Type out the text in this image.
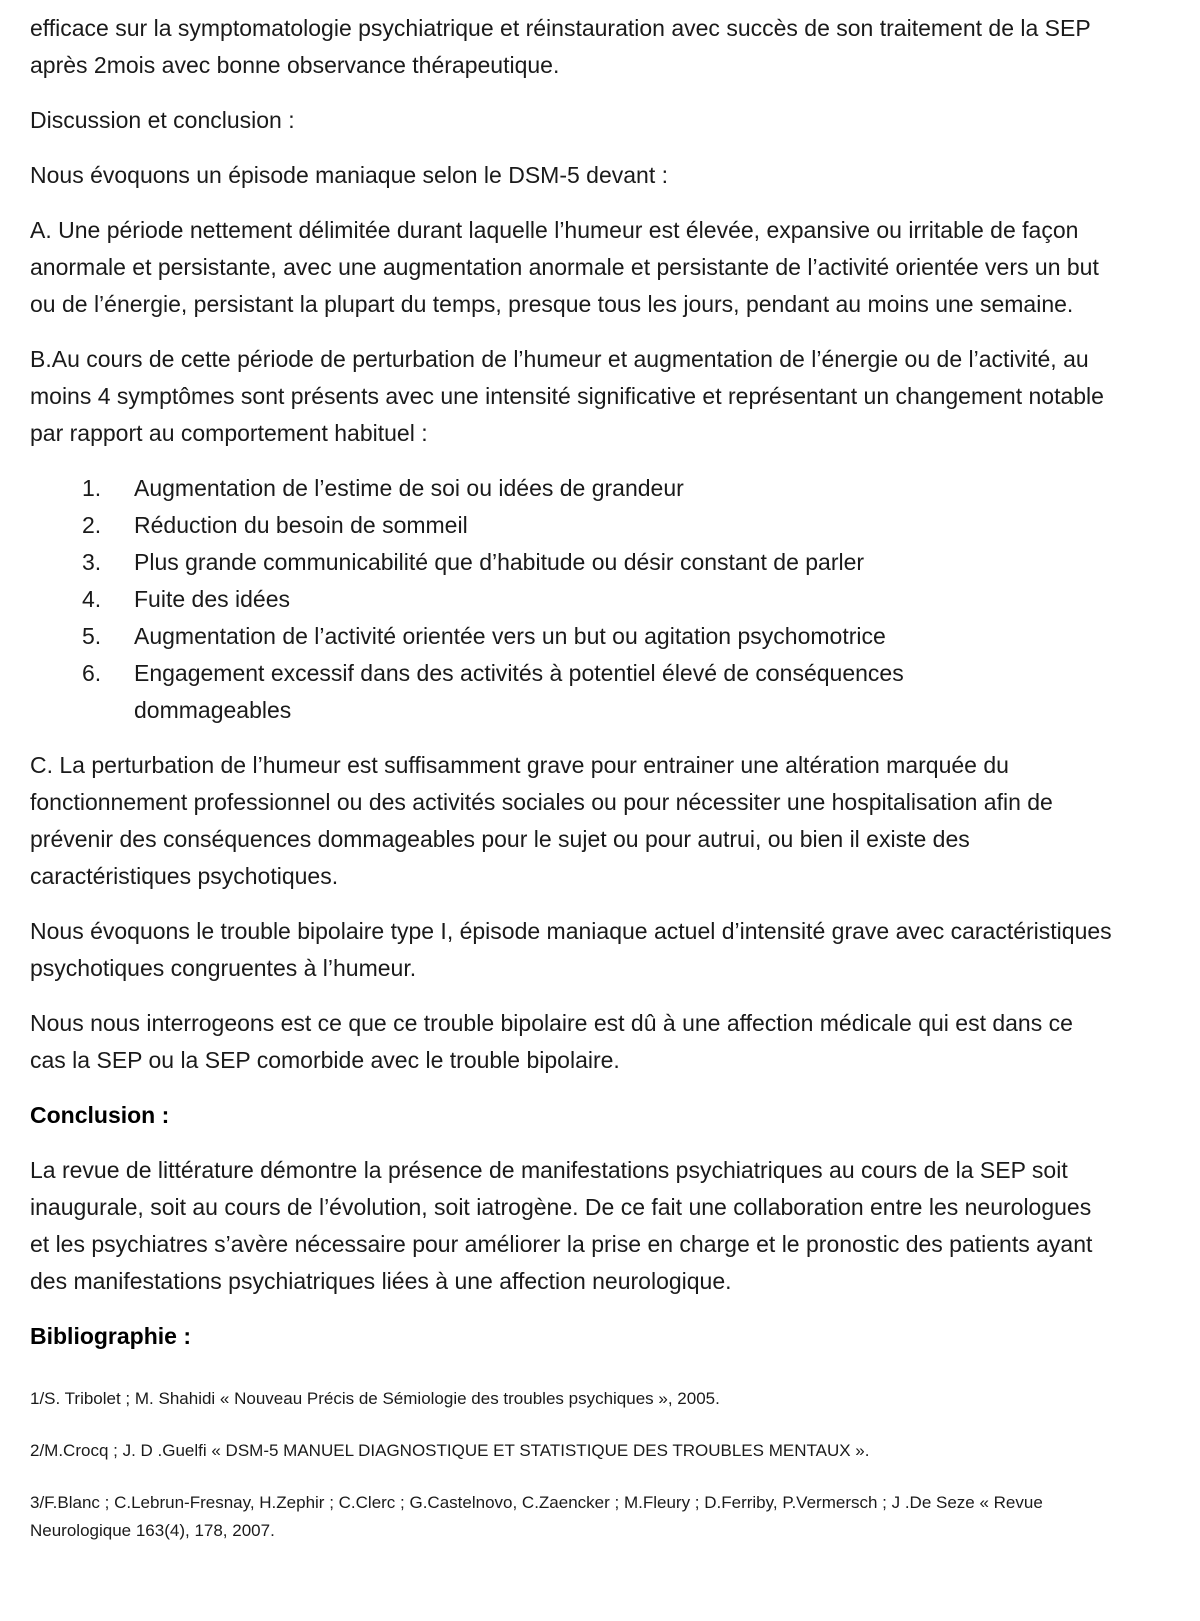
efficace sur la symptomatologie psychiatrique et réinstauration avec succès de son traitement de la SEP après 2mois avec bonne observance thérapeutique.

Discussion et conclusion :

Nous évoquons un épisode maniaque selon le DSM-5 devant :

A. Une période nettement délimitée durant laquelle l’humeur est élevée, expansive ou irritable de façon anormale et persistante, avec une augmentation anormale et persistante de l’activité orientée vers un but ou de l’énergie, persistant la plupart du temps, presque tous les jours, pendant au moins une semaine.

B.Au cours de cette période de perturbation de l’humeur et augmentation de l’énergie ou de l’activité, au moins 4 symptômes sont présents avec une intensité significative et représentant un changement notable par rapport au comportement habituel :

1.	Augmentation de l’estime de soi ou idées de grandeur
2.	Réduction du besoin de sommeil
3.	Plus grande communicabilité que d’habitude ou désir constant de parler
4.	Fuite des idées
5.	Augmentation de l’activité orientée vers un but ou agitation psychomotrice
6.	Engagement excessif dans des activités à potentiel élevé de conséquences dommageables

C. La perturbation de l’humeur est suffisamment grave pour entrainer une altération marquée du fonctionnement professionnel ou des activités sociales ou pour nécessiter une hospitalisation afin de prévenir des conséquences dommageables pour le sujet ou pour autrui, ou bien il existe des caractéristiques psychotiques.

Nous évoquons le trouble bipolaire type I, épisode maniaque actuel d’intensité grave avec caractéristiques psychotiques congruentes à l’humeur.

Nous nous interrogeons est ce que ce trouble bipolaire est dû à une affection médicale qui est dans ce cas la SEP ou la SEP comorbide avec le trouble bipolaire.

Conclusion :

La revue de littérature démontre la présence de manifestations psychiatriques au cours de la SEP soit inaugurale, soit au cours de l’évolution, soit iatrogène. De ce fait une collaboration entre les neurologues et les psychiatres s’avère nécessaire pour améliorer la prise en charge et le pronostic des patients ayant des manifestations psychiatriques liées à une affection neurologique.

Bibliographie :

1/S. Tribolet ; M. Shahidi « Nouveau Précis de Sémiologie des troubles psychiques », 2005.

2/M.Crocq ; J. D .Guelfi « DSM-5 MANUEL DIAGNOSTIQUE ET STATISTIQUE DES TROUBLES MENTAUX ».

3/F.Blanc ; C.Lebrun-Fresnay, H.Zephir ; C.Clerc ; G.Castelnovo, C.Zaencker ; M.Fleury ; D.Ferriby, P.Vermersch ; J .De Seze « Revue Neurologique 163(4), 178, 2007.
